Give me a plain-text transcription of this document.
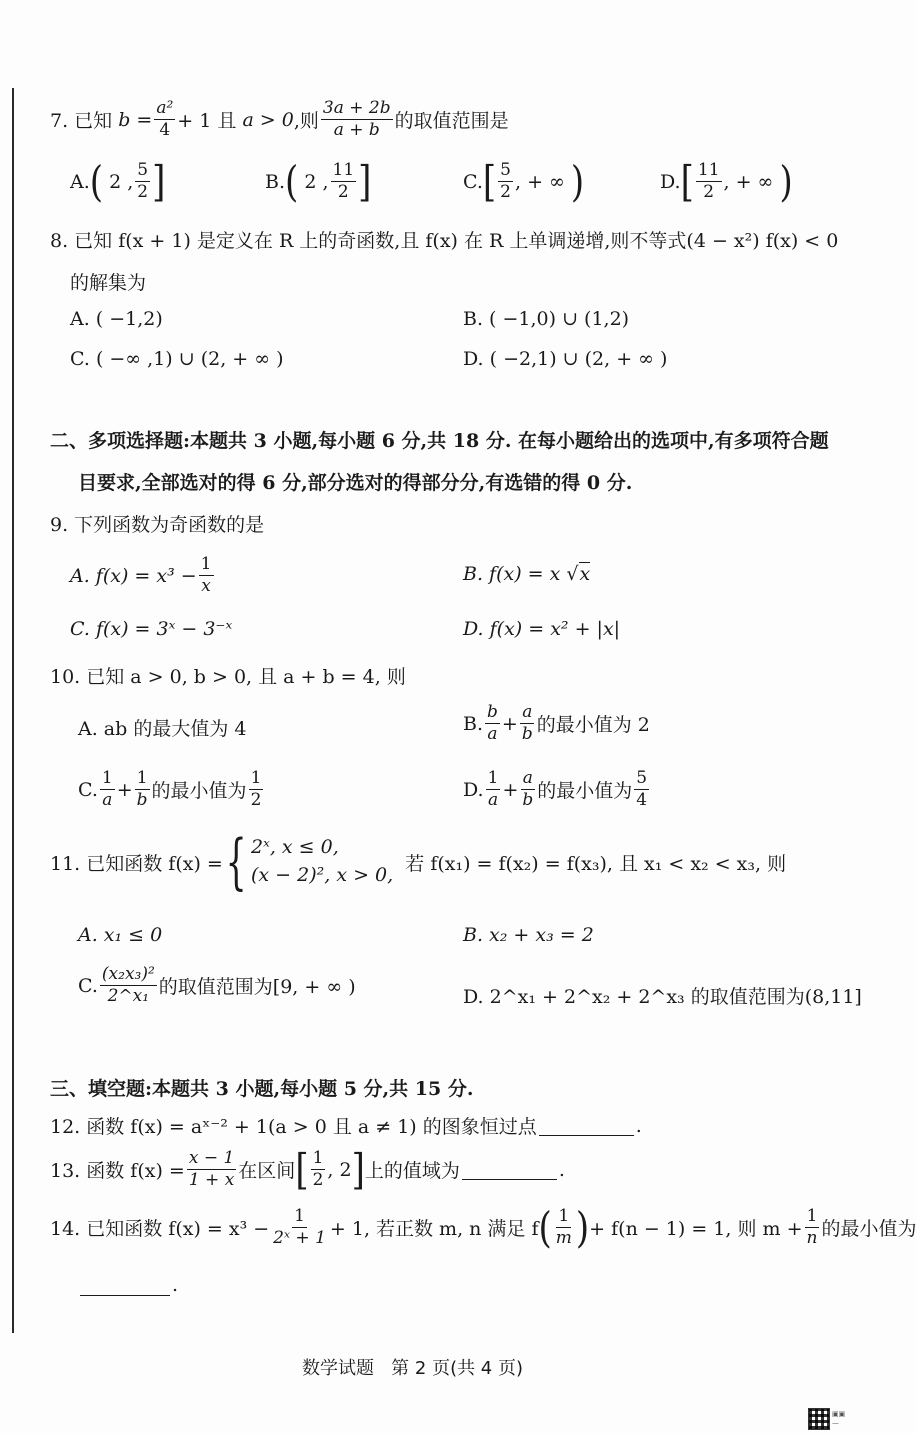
7. 已知
$b = \frac{\text{a²}}{4} + 1$ 且
a > 0 ,则 $\frac{3a + 2b}{a + b}$ 的取值范围是
A. (
2 , $\frac{5}{2}$ ]	B. (
2 , $\frac{11}{2}$ ]	C. [ $\frac{5}{2}$ , + ∞
)	D. [ $\frac{11}{2}$ , + ∞
)
8. 已知 f(x + 1) 是定义在 R 上的奇函数,且 f(x) 在 R 上单调递增,则不等式(4 − x²) f(x) < 0
的解集为
A. ( −1,2)	B. ( −1,0) ∪ (1,2)
C. ( −∞ ,1) ∪ (2, + ∞ )	D. ( −2,1) ∪ (2, + ∞ )
二、多项选择题:本题共 3 小题,每小题 6 分,共 18 分. 在每小题给出的选项中,有多项符合题
目要求,全部选对的得 6 分,部分选对的得部分分,有选错的得 0 分.
9. 下列函数为奇函数的是
A. $f(x) = x^3 - \frac{1}{x}$	B. f(x) = x √ x
C. f(x) = 3ˣ − 3⁻ˣ	D. f(x) = x² + |x|
10. 已知 a > 0, b > 0, 且 a + b = 4, 则
A. ab 的最大值为 4	B. $\frac{b}{a} + \frac{a}{b}$ 的最小值为 2
C. $\frac{1}{a} + \frac{1}{b}$ 的最小值为 $\frac{1}{2}$	D. $\frac{1}{a} + \frac{a}{b}$ 的最小值为 $\frac{5}{4}$
11. 已知函数 f(x) = { 2ˣ, x ≤ 0,
(x − 2)², x > 0,

若 f(x₁) = f(x₂) = f(x₃), 且 x₁ < x₂ < x₃, 则
A. x₁ ≤ 0	B. x₂ + x₃ = 2
C. $\frac{\text{(x₂x₃)²}}{\text{2\textasciicircum{}x₁}}$ 的取值范围为[9, + ∞ )	D. 2^x₁ + 2^x₂ + 2^x₃ 的取值范围为(8,11]
三、填空题:本题共 3 小题,每小题 5 分,共 15 分.
12. 函数 f(x) = aˣ⁻² + 1(a > 0 且 a ≠ 1) 的图象恒过点	.
13. 函数 $f(x) = \frac{x - 1}{1 + x}$ 在区间 [ $\frac{1}{2}$ , 2 ] 上的值域为	.
14. 已知函数 $f(x) = x^3 - \frac{1}{\text{2ˣ + 1}} + 1$, 若正数 m, n 满足 f ( $\frac{1}{m}$ ) + f(n − 1) = 1, 则 $m + \frac{1}{n}$ 的最小值为
.
数学试题 第 2 页(共 4 页)
▣▣
—
